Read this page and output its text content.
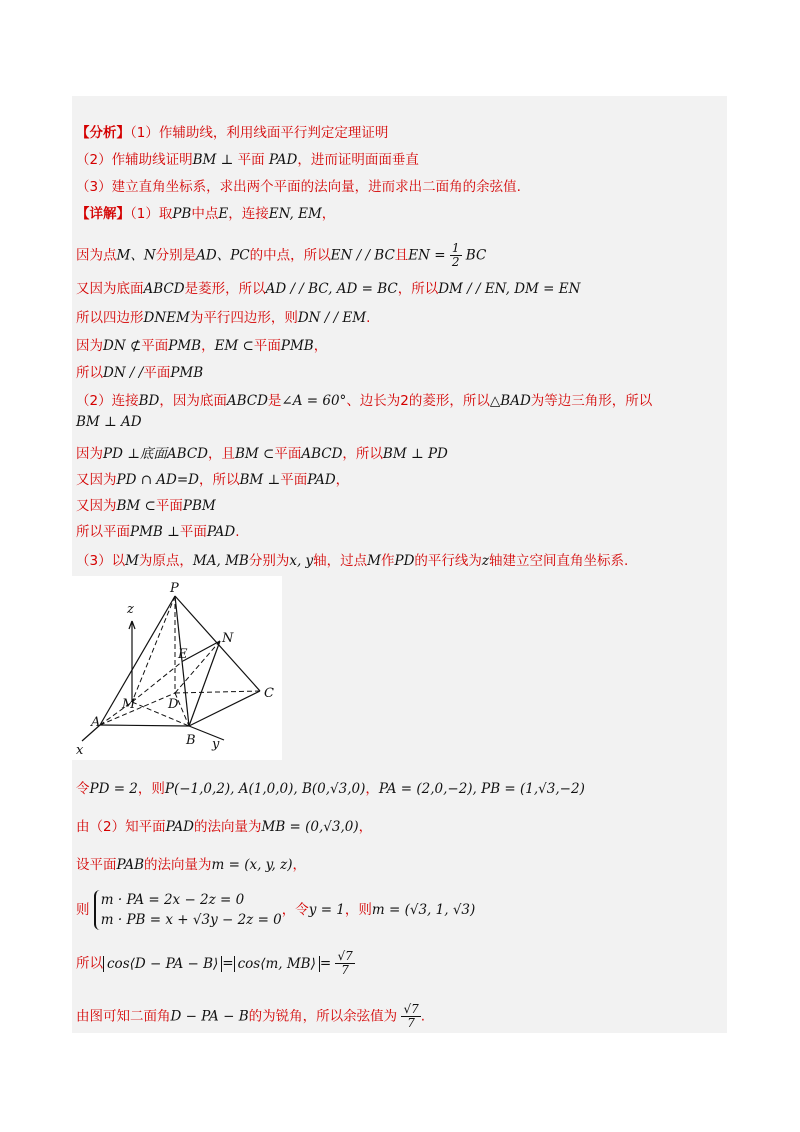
【分析】（1）作辅助线，利用线面平行判定定理证明
（2）作辅助线证明BM ⊥ 平面 PAD，进而证明面面垂直
（3）建立直角坐标系，求出两个平面的法向量，进而求出二面角的余弦值.
【详解】（1）取PB中点E，连接EN, EM，
因为点M、N分别是AD、PC的中点，所以EN / / BC且EN = $\frac{1}{2}$ BC
又因为底面ABCD是菱形，所以AD / / BC, AD = BC，所以DM / / EN, DM = EN
所以四边形DNEM为平行四边形，则DN / / EM.
因为DN ⊄平面PMB，EM ⊂平面PMB，
所以DN / /平面PMB
（2）连接BD，因为底面ABCD是∠A = 60°、边长为2的菱形，所以△BAD为等边三角形，所以
BM ⊥ AD
因为PD ⊥底面ABCD，且BM ⊂平面ABCD，所以BM ⊥ PD
又因为PD ∩ AD=D，所以BM ⊥平面PAD，
又因为BM ⊂平面PBM
所以平面PMB ⊥平面PAD.
（3）以M为原点，MA, MB分别为x, y轴，过点M作PD的平行线为z轴建立空间直角坐标系.
P
N
E
C
M	D
A
B
x	y
z
令PD = 2，则P(−1,0,2), A(1,0,0), B(0,√3,0)，PA = (2,0,−2), PB = (1,√3,−2)
由（2）知平面PAD的法向量为MB = (0,√3,0)，
设平面PAB的法向量为m = (x, y, z)，
则
m · PA = 2x − 2z = 0
m · PB = x + √3y − 2z = 0
，令y = 1，则m = (√3, 1, √3)
所以 cos⟨D − PA − B⟩ = cos⟨m, MB⟩ = $\frac{√7}{7}$
由图可知二面角D − PA − B的为锐角，所以余弦值为 $\frac{√7}{7}$ .
